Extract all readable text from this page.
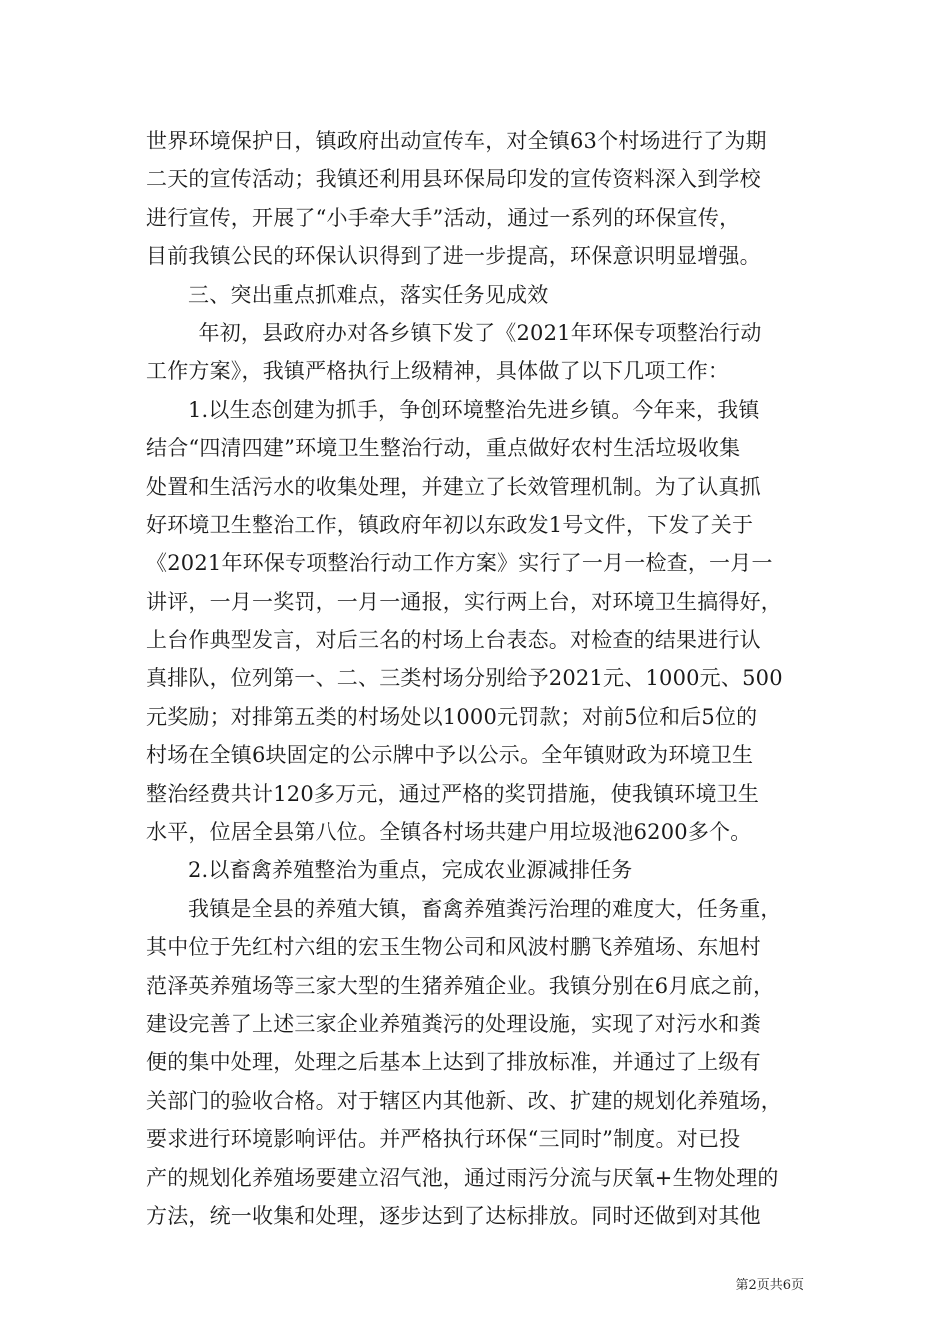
世界环境保护日，镇政府出动宣传车，对全镇63个村场进行了为期
二天的宣传活动；我镇还利用县环保局印发的宣传资料深入到学校
进行宣传，开展了“小手牵大手”活动，通过一系列的环保宣传，
目前我镇公民的环保认识得到了进一步提高，环保意识明显增强。
三、突出重点抓难点，落实任务见成效
年初，县政府办对各乡镇下发了《2021年环保专项整治行动
工作方案》，我镇严格执行上级精神，具体做了以下几项工作：
1.以生态创建为抓手，争创环境整治先进乡镇。今年来，我镇
结合“四清四建”环境卫生整治行动，重点做好农村生活垃圾收集
处置和生活污水的收集处理，并建立了长效管理机制。为了认真抓
好环境卫生整治工作，镇政府年初以东政发1号文件，下发了关于
《2021年环保专项整治行动工作方案》实行了一月一检查，一月一
讲评，一月一奖罚，一月一通报，实行两上台，对环境卫生搞得好，
上台作典型发言，对后三名的村场上台表态。对检查的结果进行认
真排队，位列第一、二、三类村场分别给予2021元、1000元、500
元奖励；对排第五类的村场处以1000元罚款；对前5位和后5位的
村场在全镇6块固定的公示牌中予以公示。全年镇财政为环境卫生
整治经费共计120多万元，通过严格的奖罚措施，使我镇环境卫生
水平，位居全县第八位。全镇各村场共建户用垃圾池6200多个。
2.以畜禽养殖整治为重点，完成农业源减排任务
我镇是全县的养殖大镇，畜禽养殖粪污治理的难度大，任务重，
其中位于先红村六组的宏玉生物公司和风波村鹏飞养殖场、东旭村
范泽英养殖场等三家大型的生猪养殖企业。我镇分别在6月底之前，
建设完善了上述三家企业养殖粪污的处理设施，实现了对污水和粪
便的集中处理，处理之后基本上达到了排放标准，并通过了上级有
关部门的验收合格。对于辖区内其他新、改、扩建的规划化养殖场，
要求进行环境影响评估。并严格执行环保“三同时”制度。对已投
产的规划化养殖场要建立沼气池，通过雨污分流与厌氧+生物处理的
方法，统一收集和处理，逐步达到了达标排放。同时还做到对其他
第2页共6页
